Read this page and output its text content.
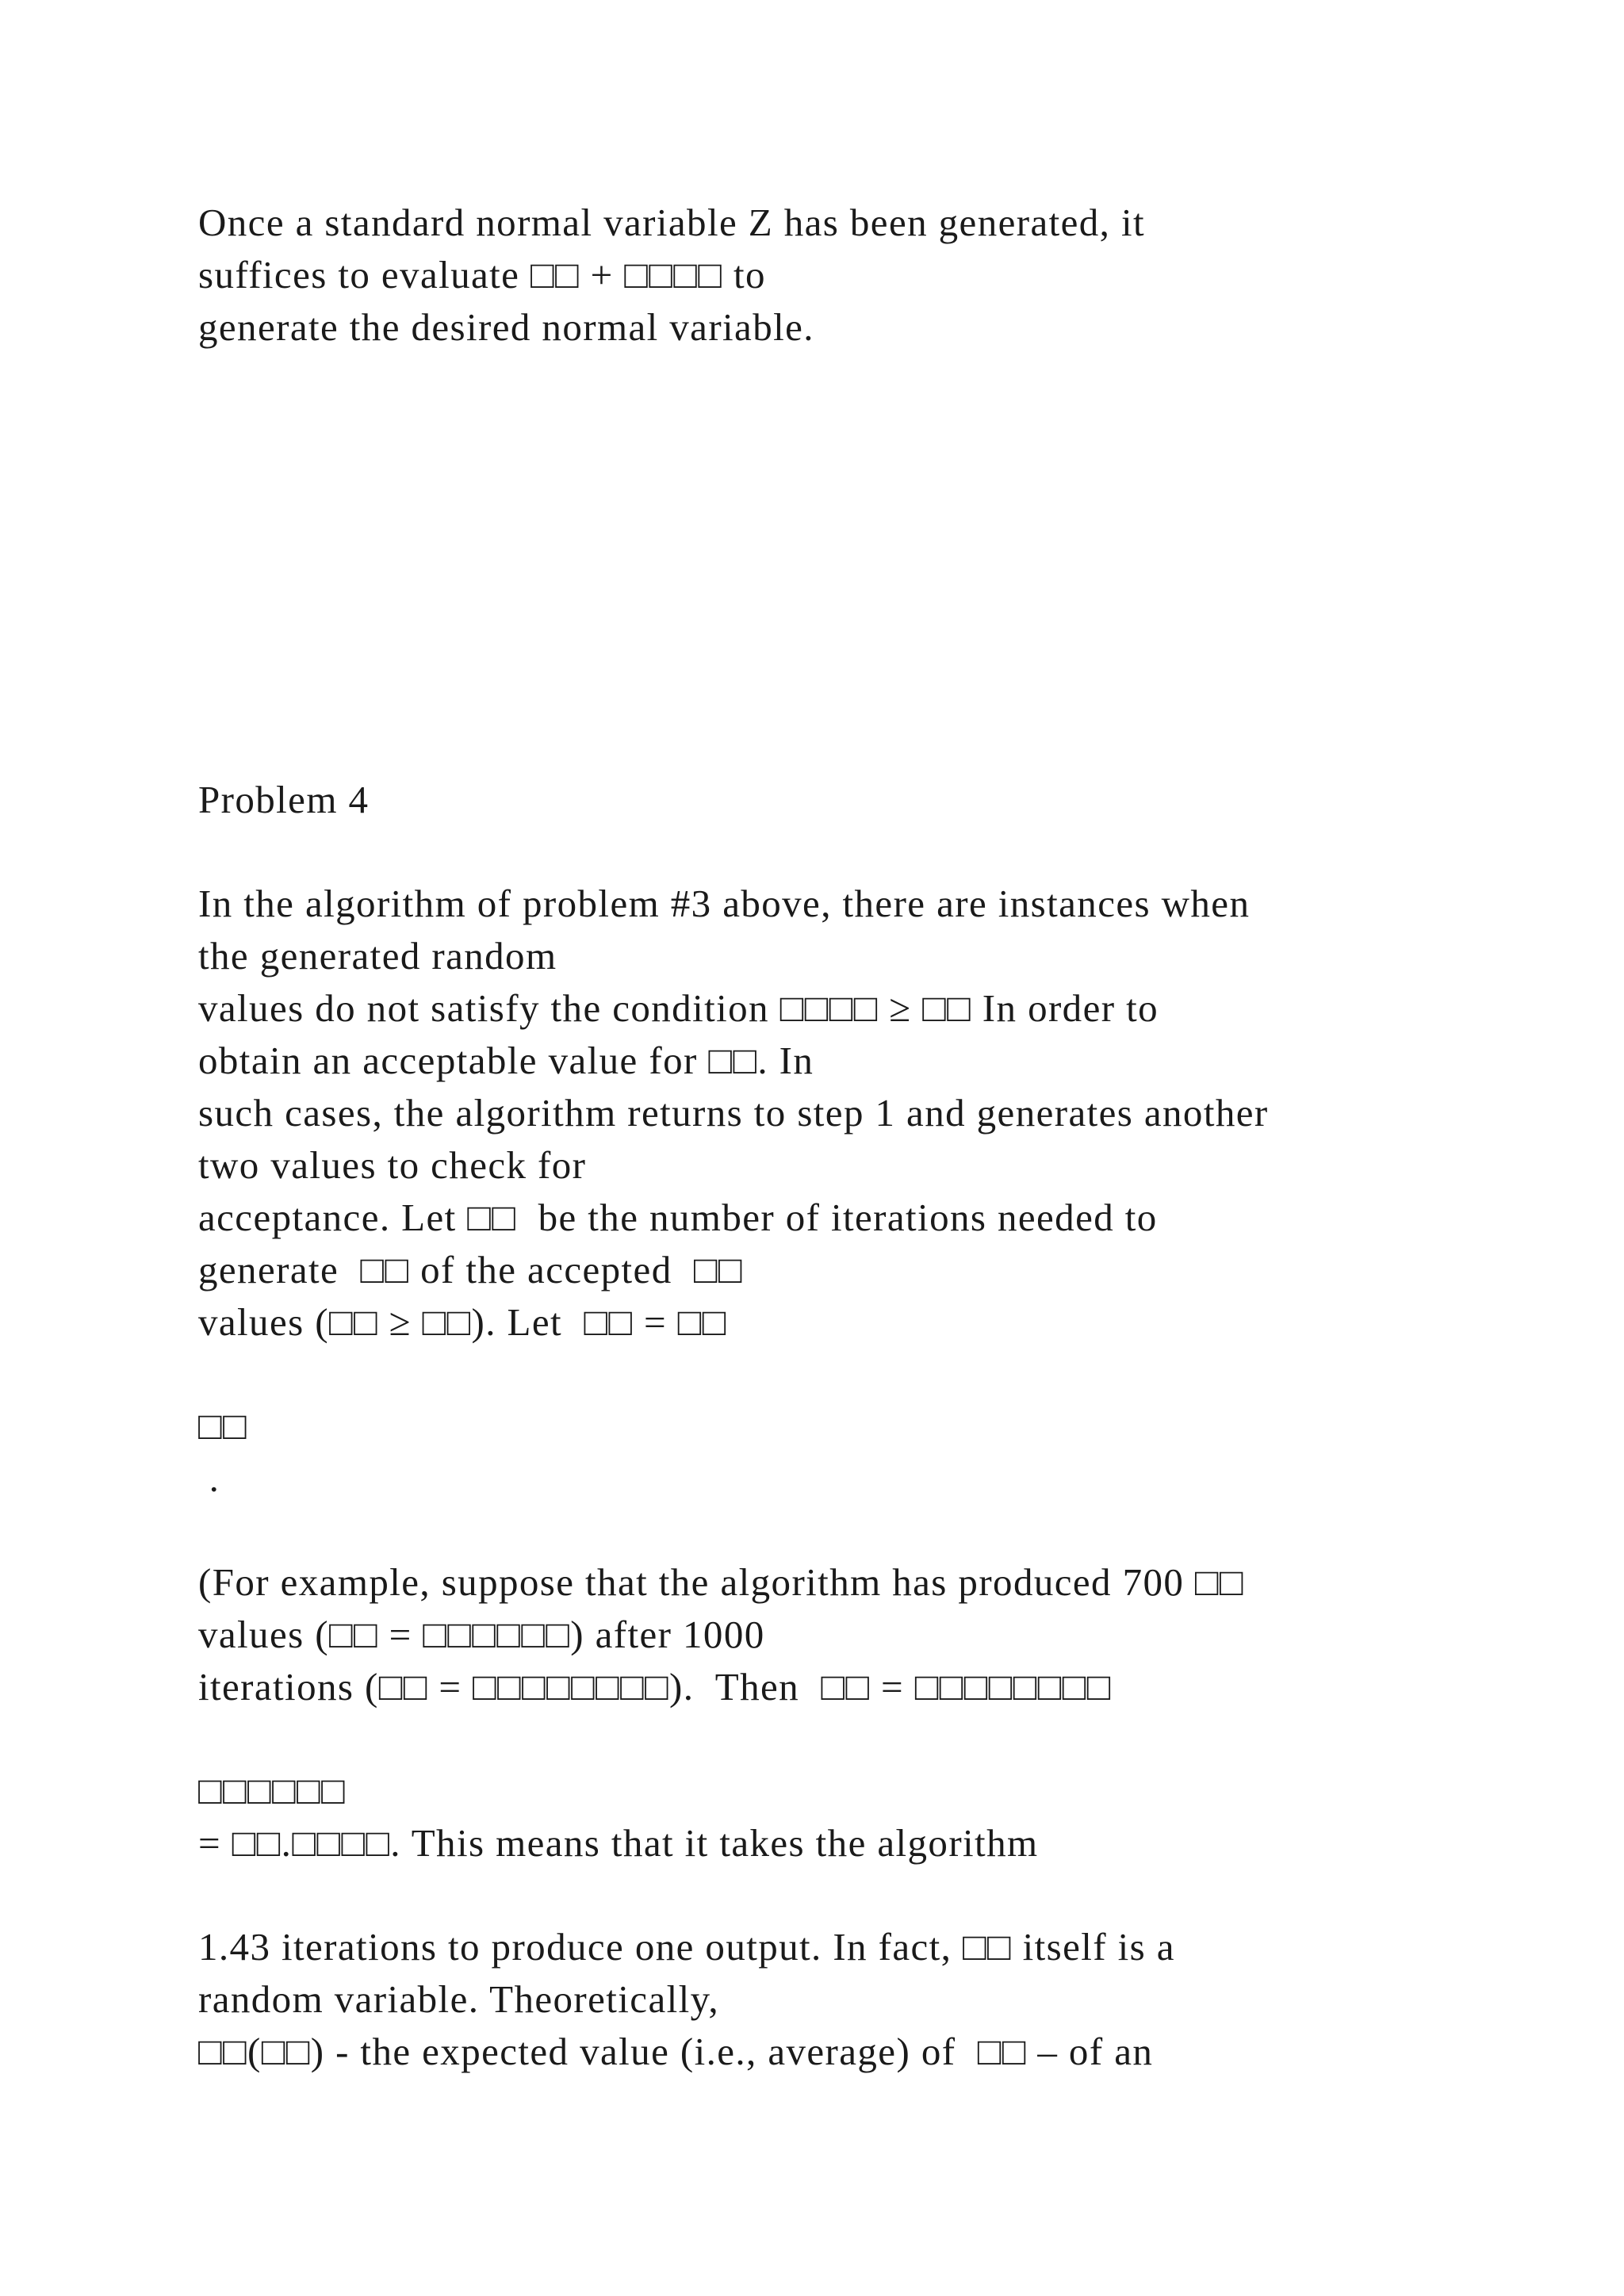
Once a standard normal variable Z has been generated, it
suffices to evaluate □□ + □□□□ to
generate the desired normal variable.
Problem 4
In the algorithm of problem #3 above, there are instances when
the generated random
values do not satisfy the condition □□□□ ≥ □□ In order to
obtain an acceptable value for □□. In
such cases, the algorithm returns to step 1 and generates another
two values to check for
acceptance. Let □□  be the number of iterations needed to
generate  □□ of the accepted  □□
values (□□ ≥ □□). Let  □□ = □□
□□
.
(For example, suppose that the algorithm has produced 700 □□
values (□□ = □□□□□□) after 1000
iterations (□□ = □□□□□□□□).  Then  □□ = □□□□□□□□
□□□□□□
= □□.□□□□. This means that it takes the algorithm
1.43 iterations to produce one output. In fact, □□ itself is a
random variable. Theoretically,
□□(□□) - the expected value (i.e., average) of  □□ – of an
